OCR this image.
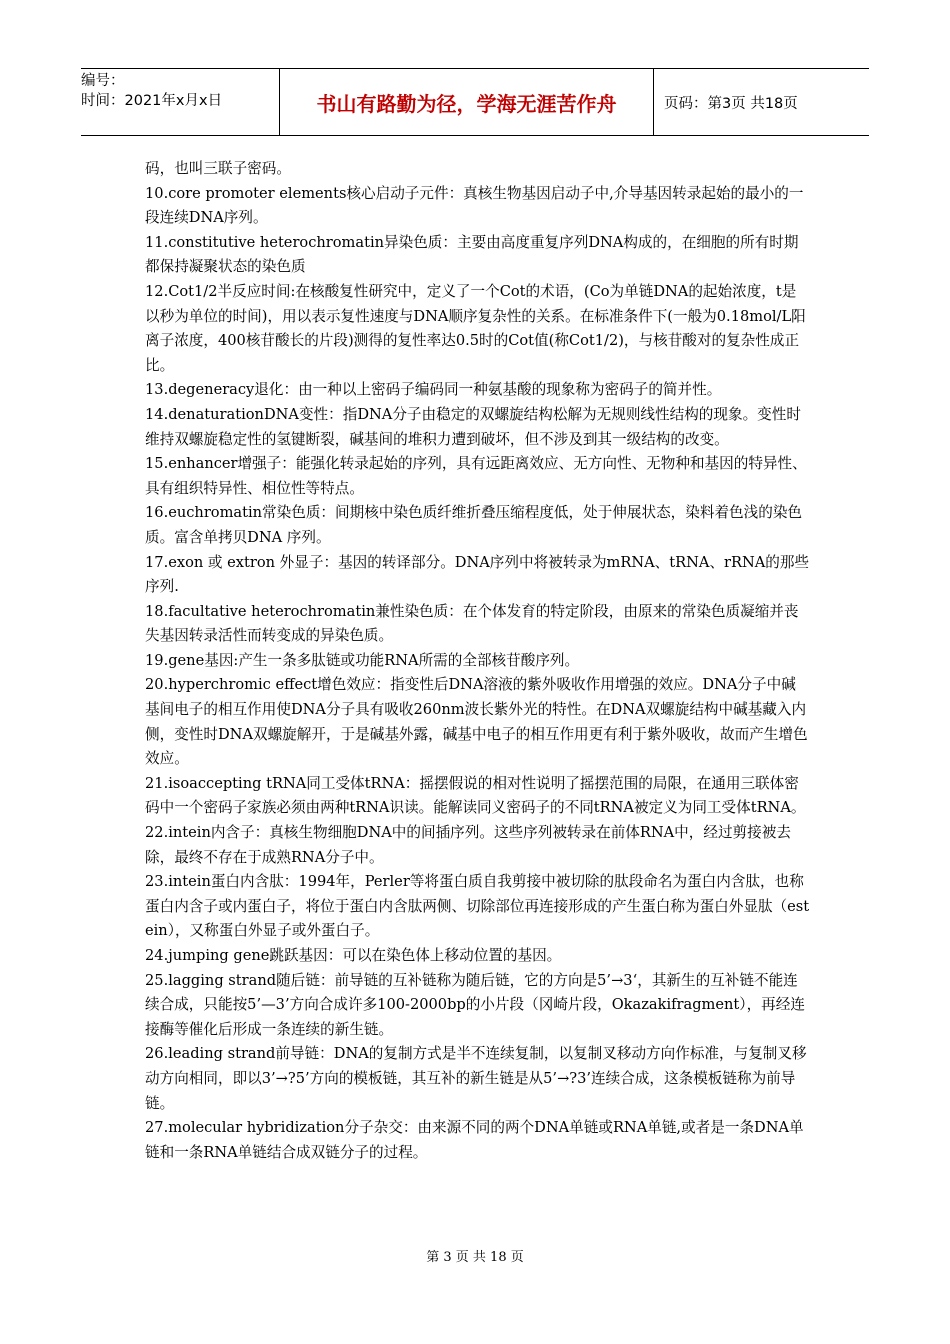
编号：
时间：2021年x月x日	书山有路勤为径，学海无涯苦作舟	页码：第3页 共18页

码，也叫三联子密码。

10.core promoter elements核心启动子元件：真核生物基因启动子中,介导基因转录起始的最小的一段连续DNA序列。

11.constitutive heterochromatin异染色质：主要由高度重复序列DNA构成的，在细胞的所有时期都保持凝聚状态的染色质

12.Cot1/2半反应时间:在核酸复性研究中，定义了一个Cot的术语，(Co为单链DNA的起始浓度，t是以秒为单位的时间)，用以表示复性速度与DNA顺序复杂性的关系。在标准条件下(一般为0.18mol/L阳离子浓度，400核苷酸长的片段)测得的复性率达0.5时的Cot值(称Cot1/2)，与核苷酸对的复杂性成正比。

13.degeneracy退化：由一种以上密码子编码同一种氨基酸的现象称为密码子的简并性。

14.denaturationDNA变性：指DNA分子由稳定的双螺旋结构松解为无规则线性结构的现象。变性时维持双螺旋稳定性的氢键断裂，碱基间的堆积力遭到破坏，但不涉及到其一级结构的改变。

15.enhancer增强子：能强化转录起始的序列，具有远距离效应、无方向性、无物种和基因的特异性、具有组织特异性、相位性等特点。

16.euchromatin常染色质：间期核中染色质纤维折叠压缩程度低，处于伸展状态，染料着色浅的染色质。富含单拷贝DNA 序列。

17.exon 或 extron 外显子：基因的转译部分。DNA序列中将被转录为mRNA、tRNA、rRNA的那些序列.

18.facultative heterochromatin兼性染色质：在个体发育的特定阶段，由原来的常染色质凝缩并丧失基因转录活性而转变成的异染色质。

19.gene基因:产生一条多肽链或功能RNA所需的全部核苷酸序列。

20.hyperchromic effect增色效应：指变性后DNA溶液的紫外吸收作用增强的效应。DNA分子中碱基间电子的相互作用使DNA分子具有吸收260nm波长紫外光的特性。在DNA双螺旋结构中碱基藏入内侧，变性时DNA双螺旋解开，于是碱基外露，碱基中电子的相互作用更有利于紫外吸收，故而产生增色效应。

21.isoaccepting tRNA同工受体tRNA：摇摆假说的相对性说明了摇摆范围的局限，在通用三联体密码中一个密码子家族必须由两种tRNA识读。能解读同义密码子的不同tRNA被定义为同工受体tRNA。

22.intein内含子：真核生物细胞DNA中的间插序列。这些序列被转录在前体RNA中，经过剪接被去除，最终不存在于成熟RNA分子中。

23.intein蛋白内含肽：1994年，Perler等将蛋白质自我剪接中被切除的肽段命名为蛋白内含肽，也称蛋白内含子或内蛋白子，将位于蛋白内含肽两侧、切除部位再连接形成的产生蛋白称为蛋白外显肽（estein），又称蛋白外显子或外蛋白子。

24.jumping gene跳跃基因：可以在染色体上移动位置的基因。

25.lagging strand随后链：前导链的互补链称为随后链，它的方向是5’→3‘，其新生的互补链不能连续合成，只能按5’—3’方向合成许多100-2000bp的小片段（冈崎片段，Okazakifragment），再经连接酶等催化后形成一条连续的新生链。

26.leading strand前导链：DNA的复制方式是半不连续复制，以复制叉移动方向作标准，与复制叉移动方向相同，即以3’→?5’方向的模板链，其互补的新生链是从5’→?3’连续合成，这条模板链称为前导链。

27.molecular hybridization分子杂交：由来源不同的两个DNA单链或RNA单链,或者是一条DNA单链和一条RNA单链结合成双链分子的过程。

第 3 页 共 18 页
